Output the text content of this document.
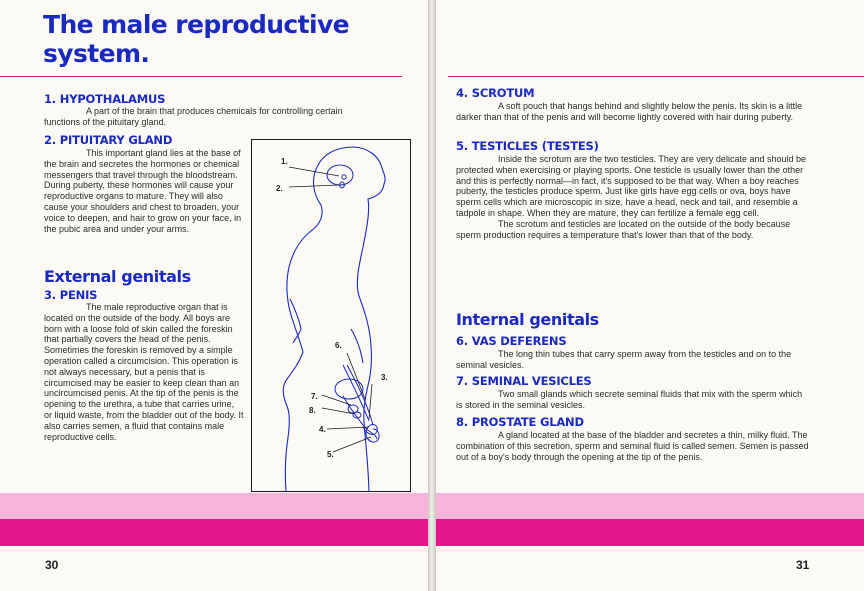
The male reproductive
system.
1. HYPOTHALAMUS

A part of the brain that produces chemicals for controlling certain functions of the pituitary gland.

2. PITUITARY GLAND

This important gland lies at the base of the brain and secretes the hormones or chemical messengers that travel through the bloodstream. During puberty, these hormones will cause your reproductive organs to mature. They will also cause your shoulders and chest to broaden, your voice to deepen, and hair to grow on your face, in the pubic area and under your arms.

External genitals
3. PENIS

The male reproductive organ that is located on the outside of the body. All boys are born with a loose fold of skin called the foreskin that partially covers the head of the penis. Sometimes the foreskin is removed by a simple operation called a circumcision. This operation is not always necessary, but a penis that is circumcised may be easier to keep clean than an uncircumcised penis. At the tip of the penis is the opening to the urethra, a tube that carries urine, or liquid waste, from the bladder out of the body. It also carries semen, a fluid that contains male reproductive cells.

1.
2.
3.
4.
5.
6.
7.
8.
30
4. SCROTUM

A soft pouch that hangs behind and slightly below the penis. Its skin is a little darker than that of the penis and will become lightly covered with hair during puberty.

5. TESTICLES (TESTES)

Inside the scrotum are the two testicles. They are very delicate and should be protected when exercising or playing sports. One testicle is usually lower than the other and this is perfectly normal—in fact, it's supposed to be that way. When a boy reaches puberty, the testicles produce sperm. Just like girls have egg cells or ova, boys have sperm cells which are microscopic in size, have a head, neck and tail, and resemble a tadpole in shape. When they are mature, they can fertilize a female egg cell.

The scrotum and testicles are located on the outside of the body because sperm production requires a temperature that's lower than that of the body.

Internal genitals
6. VAS DEFERENS

The long thin tubes that carry sperm away from the testicles and on to the seminal vesicles.

7. SEMINAL VESICLES

Two small glands which secrete seminal fluids that mix with the sperm which is stored in the seminal vesicles.

8. PROSTATE GLAND

A gland located at the base of the bladder and secretes a thin, milky fluid. The combination of this secretion, sperm and seminal fluid is called semen. Semen is passed out of a boy's body through the opening at the tip of the penis.

31
